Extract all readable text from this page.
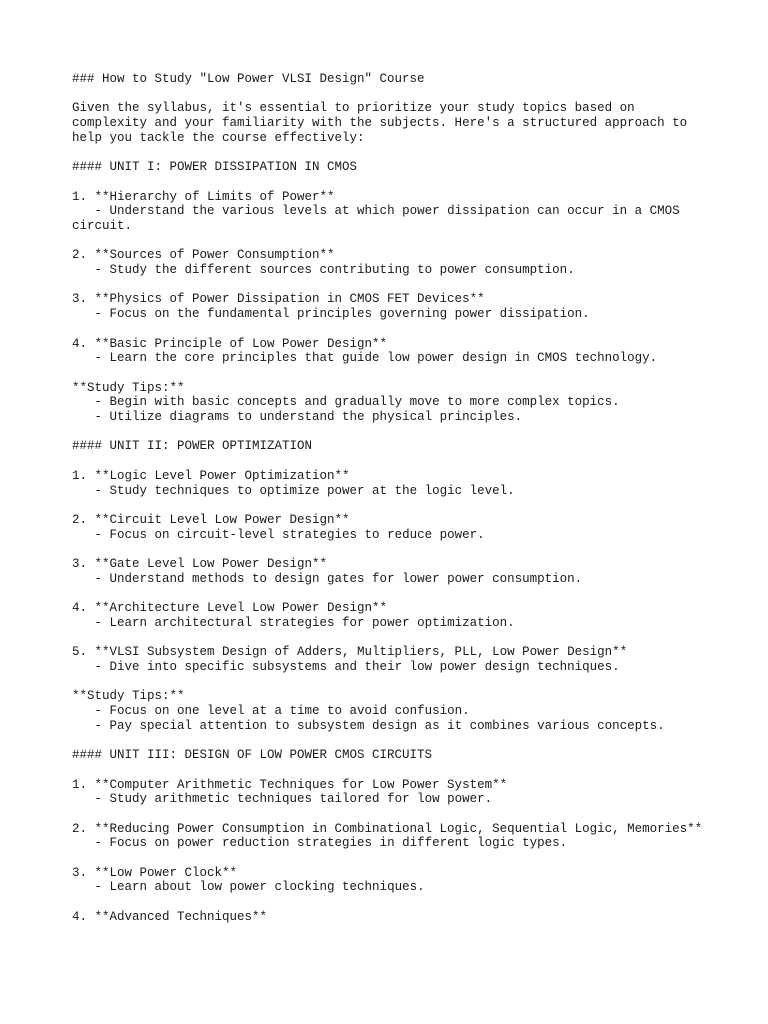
### How to Study "Low Power VLSI Design" Course
Given the syllabus, it's essential to prioritize your study topics based on complexity and your familiarity with the subjects. Here's a structured approach to help you tackle the course effectively:
#### UNIT I: POWER DISSIPATION IN CMOS
1. **Hierarchy of Limits of Power**
- Understand the various levels at which power dissipation can occur in a CMOS circuit.
2. **Sources of Power Consumption**
- Study the different sources contributing to power consumption.
3. **Physics of Power Dissipation in CMOS FET Devices**
- Focus on the fundamental principles governing power dissipation.
4. **Basic Principle of Low Power Design**
- Learn the core principles that guide low power design in CMOS technology.
**Study Tips:**
- Begin with basic concepts and gradually move to more complex topics.
- Utilize diagrams to understand the physical principles.
#### UNIT II: POWER OPTIMIZATION
1. **Logic Level Power Optimization**
- Study techniques to optimize power at the logic level.
2. **Circuit Level Low Power Design**
- Focus on circuit-level strategies to reduce power.
3. **Gate Level Low Power Design**
- Understand methods to design gates for lower power consumption.
4. **Architecture Level Low Power Design**
- Learn architectural strategies for power optimization.
5. **VLSI Subsystem Design of Adders, Multipliers, PLL, Low Power Design**
- Dive into specific subsystems and their low power design techniques.
**Study Tips:**
- Focus on one level at a time to avoid confusion.
- Pay special attention to subsystem design as it combines various concepts.
#### UNIT III: DESIGN OF LOW POWER CMOS CIRCUITS
1. **Computer Arithmetic Techniques for Low Power System**
- Study arithmetic techniques tailored for low power.
2. **Reducing Power Consumption in Combinational Logic, Sequential Logic, Memories**
- Focus on power reduction strategies in different logic types.
3. **Low Power Clock**
- Learn about low power clocking techniques.
4. **Advanced Techniques**
